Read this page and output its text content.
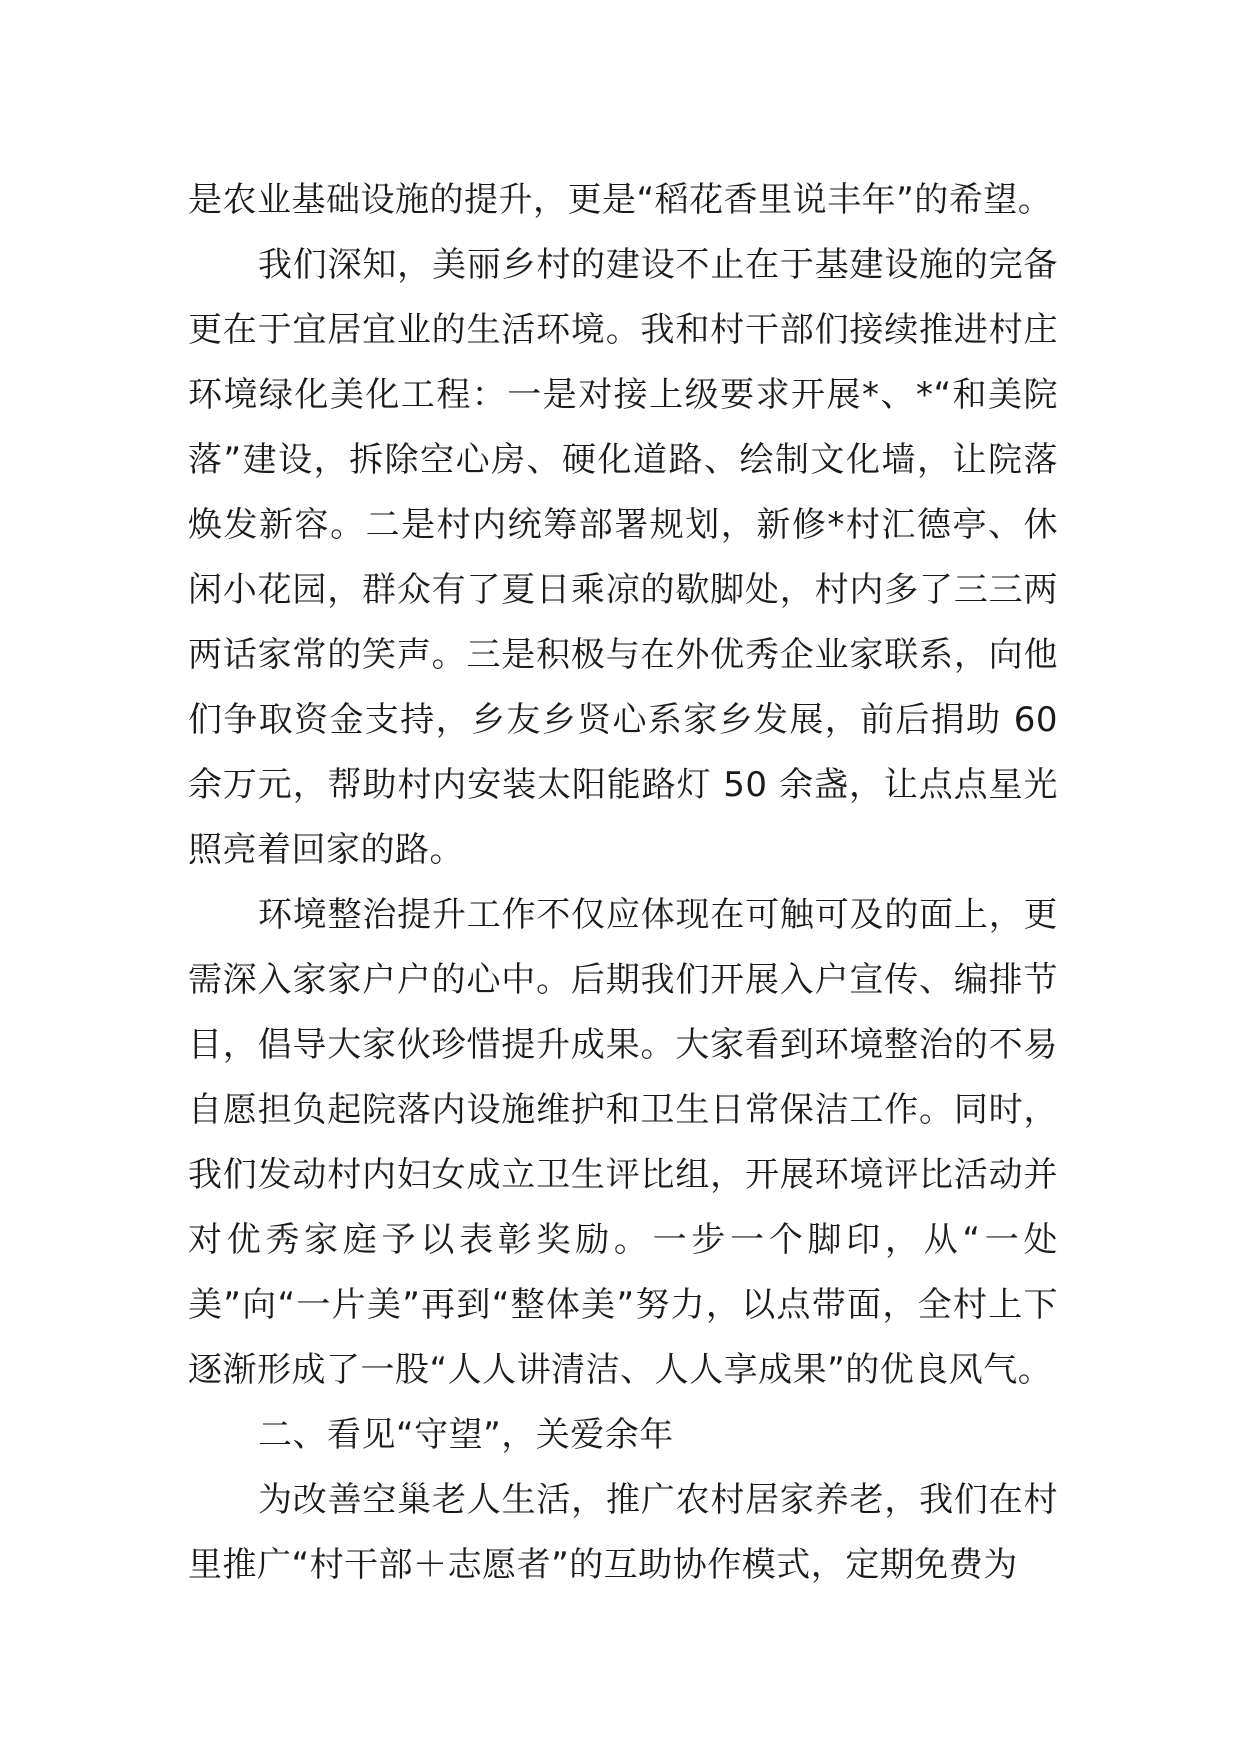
是农业基础设施的提升，更是“稻花香里说丰年”的希望。

我们深知，美丽乡村的建设不止在于基建设施的完备更在于宜居宜业的生活环境。我和村干部们接续推进村庄环境绿化美化工程：一是对接上级要求开展*、*“和美院落”建设，拆除空心房、硬化道路、绘制文化墙，让院落焕发新容。二是村内统筹部署规划，新修*村汇德亭、休闲小花园，群众有了夏日乘凉的歇脚处，村内多了三三两两话家常的笑声。三是积极与在外优秀企业家联系，向他们争取资金支持，乡友乡贤心系家乡发展，前后捐助 60 余万元，帮助村内安装太阳能路灯 50 余盏，让点点星光照亮着回家的路。

环境整治提升工作不仅应体现在可触可及的面上，更需深入家家户户的心中。后期我们开展入户宣传、编排节目，倡导大家伙珍惜提升成果。大家看到环境整治的不易自愿担负起院落内设施维护和卫生日常保洁工作。同时，我们发动村内妇女成立卫生评比组，开展环境评比活动并对优秀家庭予以表彰奖励。一步一个脚印，从“一处美”向“一片美”再到“整体美”努力，以点带面，全村上下逐渐形成了一股“人人讲清洁、人人享成果”的优良风气。

二、看见“守望”，关爱余年

为改善空巢老人生活，推广农村居家养老，我们在村里推广“村干部＋志愿者”的互助协作模式，定期免费为
